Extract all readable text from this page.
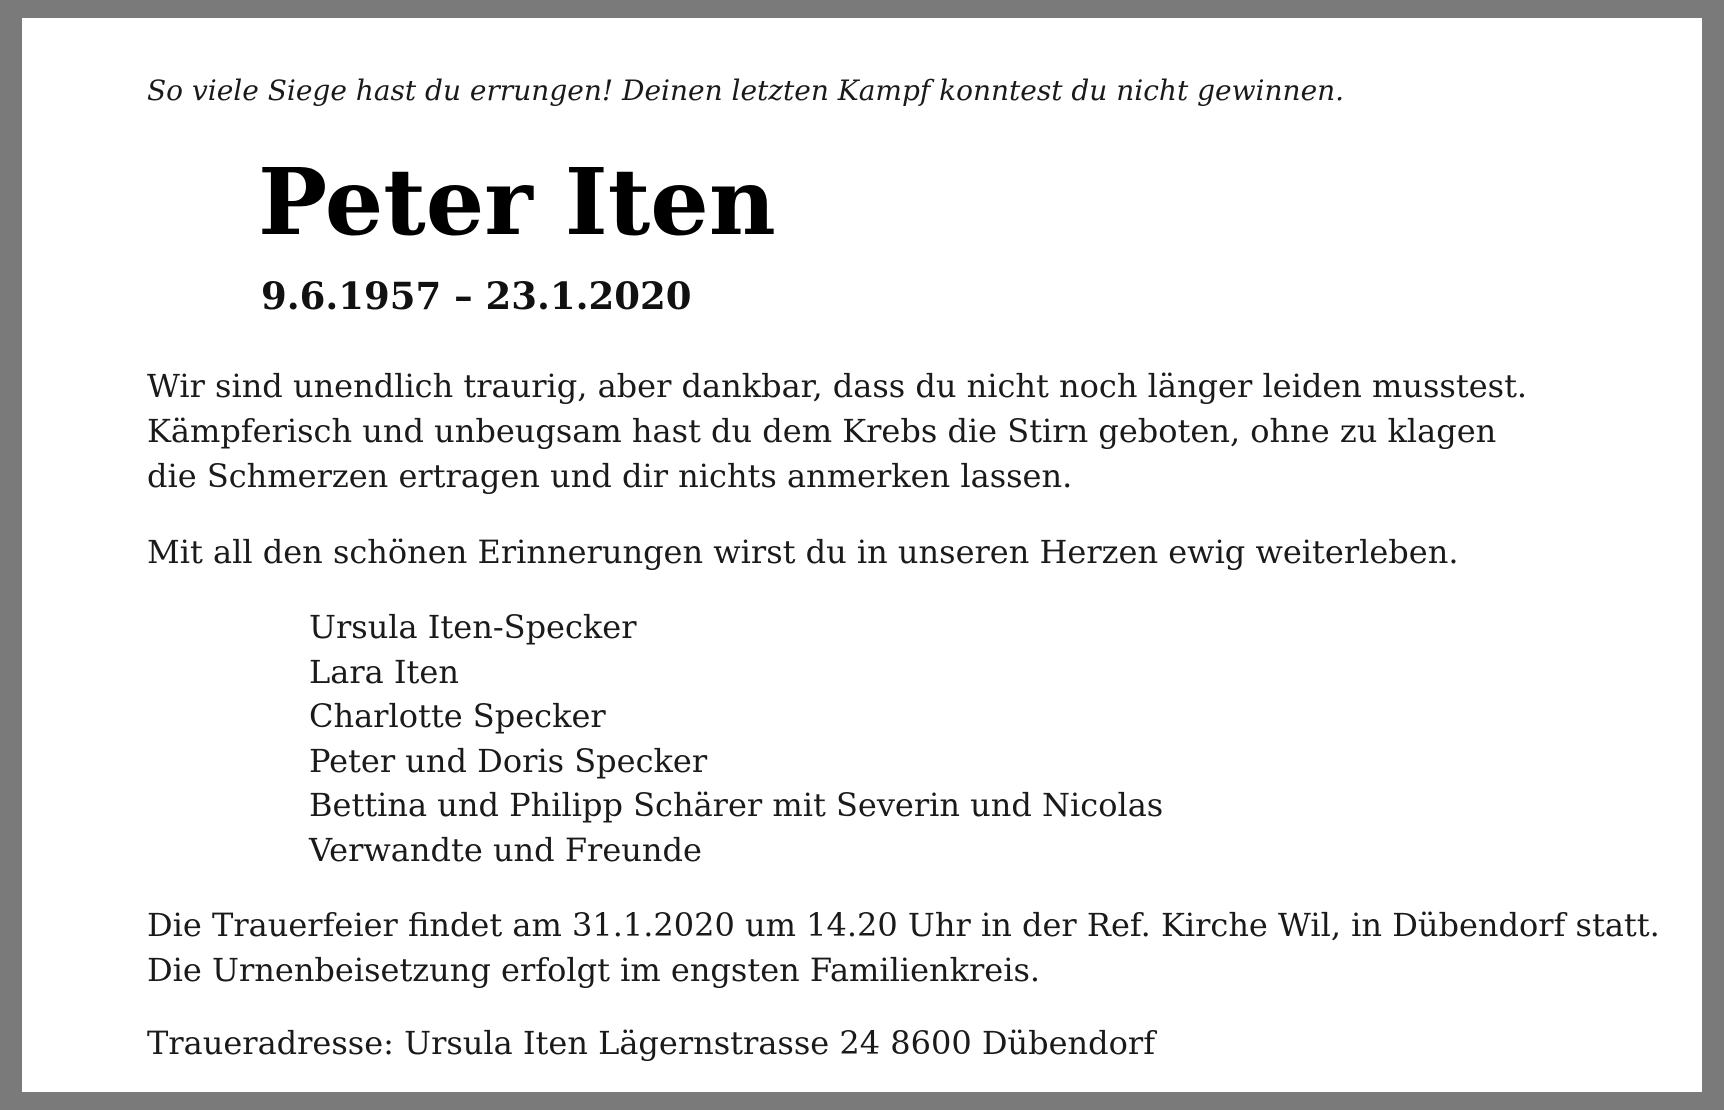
So viele Siege hast du errungen! Deinen letzten Kampf konntest du nicht gewinnen.
Peter Iten
9.6.1957 – 23.1.2020
Wir sind unendlich traurig, aber dankbar, dass du nicht noch länger leiden musstest.
Kämpferisch und unbeugsam hast du dem Krebs die Stirn geboten, ohne zu klagen
die Schmerzen ertragen und dir nichts anmerken lassen.
Mit all den schönen Erinnerungen wirst du in unseren Herzen ewig weiterleben.
Ursula Iten-Specker
Lara Iten
Charlotte Specker
Peter und Doris Specker
Bettina und Philipp Schärer mit Severin und Nicolas
Verwandte und Freunde
Die Trauerfeier findet am 31.1.2020 um 14.20 Uhr in der Ref. Kirche Wil, in Dübendorf statt.
Die Urnenbeisetzung erfolgt im engsten Familienkreis.
Traueradresse: Ursula Iten Lägernstrasse 24 8600 Dübendorf
